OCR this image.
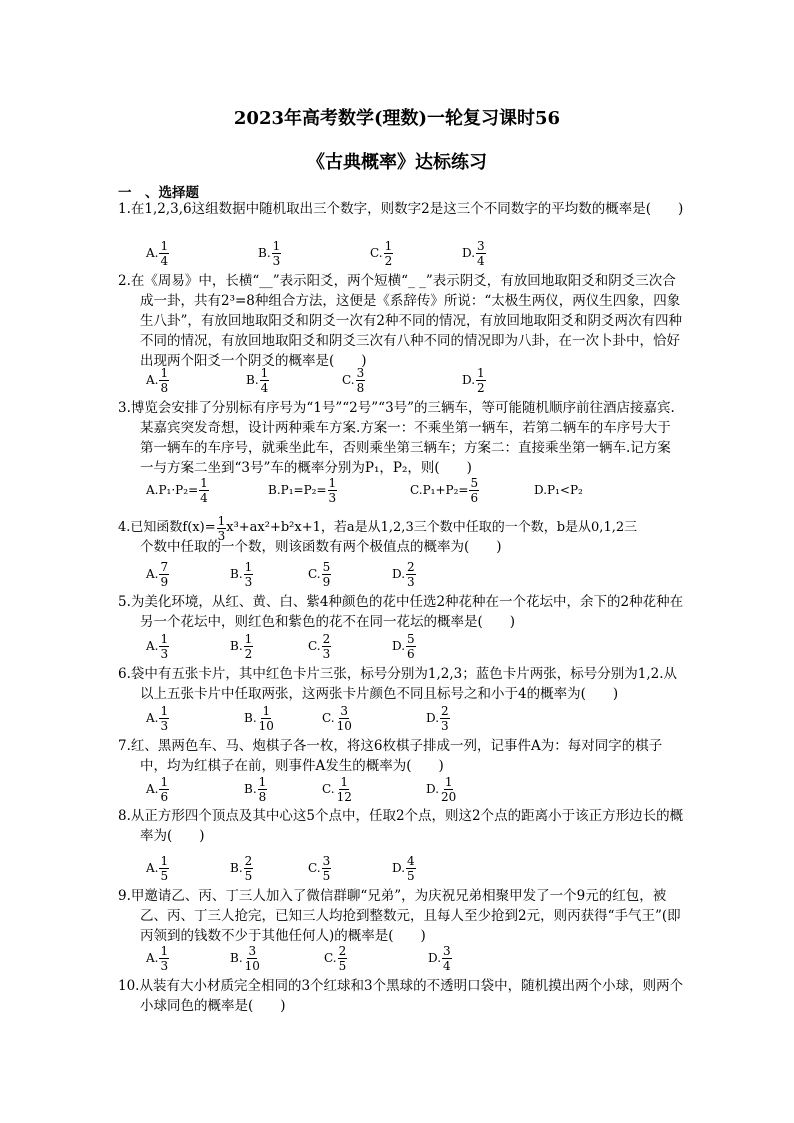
2023年高考数学(理数)一轮复习课时56
《古典概率》达标练习
一　、选择题
1.在1,2,3,6这组数据中随机取出三个数字，则数字2是这三个不同数字的平均数的概率是(　　)
A. $\frac{1}{4}$	B. $\frac{1}{3}$	C. $\frac{1}{2}$	D. $\frac{3}{4}$
2.在《周易》中，长横“__”表示阳爻，两个短横“_ _”表示阴爻，有放回地取阳爻和阴爻三次合成一卦，共有2³=8种组合方法，这便是《系辞传》所说：“太极生两仪，两仪生四象，四象生八卦”，有放回地取阳爻和阴爻一次有2种不同的情况，有放回地取阳爻和阴爻两次有四种不同的情况，有放回地取阳爻和阴爻三次有八种不同的情况即为八卦，在一次卜卦中，恰好出现两个阳爻一个阴爻的概率是(　　)
A. $\frac{1}{8}$	B. $\frac{1}{4}$	C. $\frac{3}{8}$	D. $\frac{1}{2}$
3.博览会安排了分别标有序号为“1号”“2号”“3号”的三辆车，等可能随机顺序前往酒店接嘉宾.某嘉宾突发奇想，设计两种乘车方案.方案一：不乘坐第一辆车，若第二辆车的车序号大于第一辆车的车序号，就乘坐此车，否则乘坐第三辆车；方案二：直接乘坐第一辆车.记方案一与方案二坐到“3号”车的概率分别为P₁，P₂，则(　　)
$A.P_1\cdot P_2= \frac{1}{4}$	$B.P_1=P_2= \frac{1}{3}$	$C.P_1+P_2= \frac{5}{6}$	D.P₁<P₂
4.已知函数$f(x)= \frac{1}{3} x^3+ax^2+b^2x+1$，若a是从1,2,3三个数中任取的一个数，b是从0,1,2三
个数中任取的一个数，则该函数有两个极值点的概率为(　　)
A. $\frac{7}{9}$	B. $\frac{1}{3}$	C. $\frac{5}{9}$	D. $\frac{2}{3}$
5.为美化环境，从红、黄、白、紫4种颜色的花中任选2种花种在一个花坛中，余下的2种花种在另一个花坛中，则红色和紫色的花不在同一花坛的概率是(　　)
A. $\frac{1}{3}$	B. $\frac{1}{2}$	C. $\frac{2}{3}$	D. $\frac{5}{6}$
6.袋中有五张卡片，其中红色卡片三张，标号分别为1,2,3；蓝色卡片两张，标号分别为1,2.从以上五张卡片中任取两张，这两张卡片颜色不同且标号之和小于4的概率为(　　)
A. $\frac{1}{3}$	B. $\frac{1}{10}$	C. $\frac{3}{10}$	D. $\frac{2}{3}$
7.红、黑两色车、马、炮棋子各一枚，将这6枚棋子排成一列，记事件A为：每对同字的棋子中，均为红棋子在前，则事件A发生的概率为(　　)
A. $\frac{1}{6}$	B. $\frac{1}{8}$	C. $\frac{1}{12}$	D. $\frac{1}{20}$
8.从正方形四个顶点及其中心这5个点中，任取2个点，则这2个点的距离小于该正方形边长的概率为(　　)
A. $\frac{1}{5}$	B. $\frac{2}{5}$	C. $\frac{3}{5}$	D. $\frac{4}{5}$
9.甲邀请乙、丙、丁三人加入了微信群聊“兄弟”，为庆祝兄弟相聚甲发了一个9元的红包，被乙、丙、丁三人抢完，已知三人均抢到整数元，且每人至少抢到2元，则丙获得“手气王”(即丙领到的钱数不少于其他任何人)的概率是(　　)
A. $\frac{1}{3}$	B. $\frac{3}{10}$	C. $\frac{2}{5}$	D. $\frac{3}{4}$
10.从装有大小材质完全相同的3个红球和3个黑球的不透明口袋中，随机摸出两个小球，则两个小球同色的概率是(　　)
